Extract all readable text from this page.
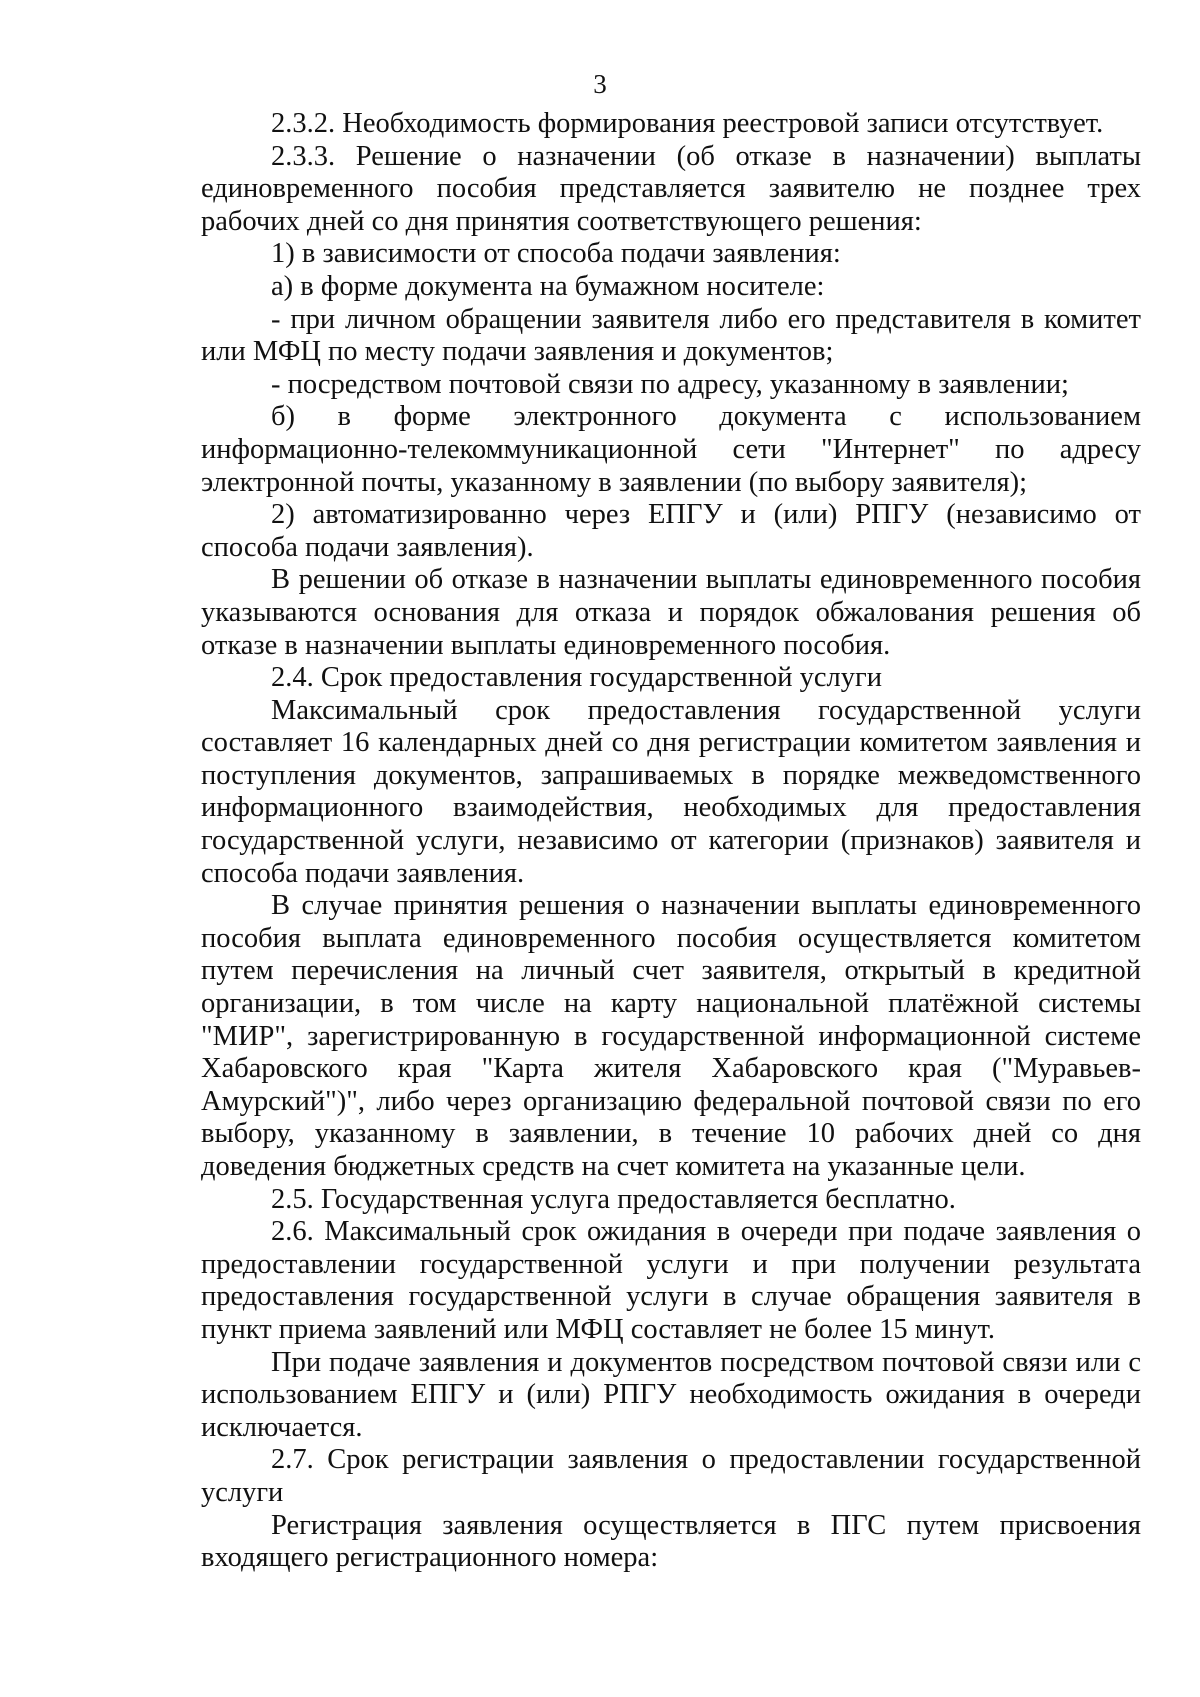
3

2.3.2. Необходимость формирования реестровой записи отсутствует.

2.3.3. Решение о назначении (об отказе в назначении) выплаты единовременного пособия представляется заявителю не позднее трех рабочих дней со дня принятия соответствующего решения:

1) в зависимости от способа подачи заявления:

а) в форме документа на бумажном носителе:

- при личном обращении заявителя либо его представителя в комитет или МФЦ по месту подачи заявления и документов;

- посредством почтовой связи по адресу, указанному в заявлении;

б) в форме электронного документа с использованием информационно-телекоммуникационной сети "Интернет" по адресу электронной почты, указанному в заявлении (по выбору заявителя);

2) автоматизированно через ЕПГУ и (или) РПГУ (независимо от способа подачи заявления).

В решении об отказе в назначении выплаты единовременного пособия указываются основания для отказа и порядок обжалования решения об отказе в назначении выплаты единовременного пособия.

2.4. Срок предоставления государственной услуги

Максимальный срок предоставления государственной услуги составляет 16 календарных дней со дня регистрации комитетом заявления и поступления документов, запрашиваемых в порядке межведомственного информационного взаимодействия, необходимых для предоставления государственной услуги, независимо от категории (признаков) заявителя и способа подачи заявления.

В случае принятия решения о назначении выплаты единовременного пособия выплата единовременного пособия осуществляется комитетом путем перечисления на личный счет заявителя, открытый в кредитной организации, в том числе на карту национальной платёжной системы "МИР", зарегистрированную в государственной информационной системе Хабаровского края "Карта жителя Хабаровского края ("Муравьев-Амурский")", либо через организацию федеральной почтовой связи по его выбору, указанному в заявлении, в течение 10 рабочих дней со дня доведения бюджетных средств на счет комитета на указанные цели.

2.5. Государственная услуга предоставляется бесплатно.

2.6. Максимальный срок ожидания в очереди при подаче заявления о предоставлении государственной услуги и при получении результата предоставления государственной услуги в случае обращения заявителя в пункт приема заявлений или МФЦ составляет не более 15 минут.

При подаче заявления и документов посредством почтовой связи или с использованием ЕПГУ и (или) РПГУ необходимость ожидания в очереди исключается.

2.7. Срок регистрации заявления о предоставлении государственной услуги

Регистрация заявления осуществляется в ПГС путем присвоения входящего регистрационного номера:
